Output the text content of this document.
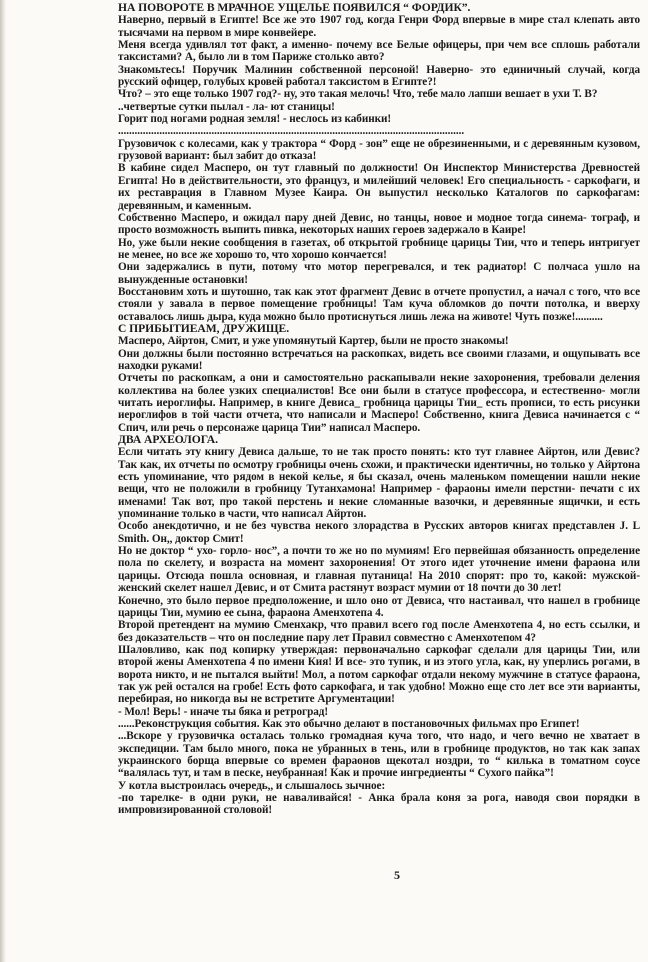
НА ПОВОРОТЕ В МРАЧНОЕ УЩЕЛЬЕ ПОЯВИЛСЯ “ ФОРДИК”.

Наверно, первый в Египте! Все же это 1907 год, когда Генри Форд впервые в мире стал клепать авто тысячами на первом в мире конвейере.

Меня всегда удивлял тот факт, а именно- почему все Белые офицеры, при чем все сплошь работали таксистами? А, было ли в том Париже столько авто?

Знакомьтесь! Поручик Малинин собственной персоной! Наверно- это единичный случай, когда русский офицер, голубых кровей работал таксистом в Египте?!

Что? – это еще только 1907 год?- ну, это такая мелочь! Что, тебе мало лапши вешает в ухи Т. В?

..четвертые сутки пылал - ла- ют станицы!

Горит под ногами родная земля! - неслось из кабинки!

..............................................................................................................................

Грузовичок с колесами, как у трактора “ Форд - зон” еще не обрезиненными, и с деревянным кузовом, грузовой вариант: был забит до отказа!

В кабине сидел Масперо, он тут главный по должности! Он Инспектор Министерства Древностей Египта! Но в действительности, это француз, и милейший человек! Его специальность - саркофаги, и их реставрация в Главном Музее Каира. Он выпустил несколько Каталогов по саркофагам: деревянным, и каменным.

Собственно Масперо, и ожидал пару дней Девис, но танцы, новое и модное тогда синема- тограф, и просто возможность выпить пивка, некоторых наших героев задержало в Каире!

Но, уже были некие сообщения в газетах, об открытой гробнице царицы Тии, что и теперь интригует не менее, но все же хорошо то, что хорошо кончается!

Они задержались в пути, потому что мотор перегревался, и тек радиатор! С полчаса ушло на вынужденные остановки!

Восстановим хоть и шутошно, так как этот фрагмент Девис в отчете пропустил, а начал с того, что все стояли у завала в первое помещение гробницы! Там куча обломков до почти потолка, и вверху оставалось лишь дыра, куда можно было протиснуться лишь лежа на животе! Чуть позже!..........

С ПРИБЫТИЕАМ, ДРУЖИЩЕ.

Масперо, Айртон, Смит, и уже упомянутый Картер, были не просто знакомы!

Они должны были постоянно встречаться на раскопках, видеть все своими глазами, и ощупывать все находки руками!

Отчеты по раскопкам, а они и самостоятельно раскапывали некие захоронения, требовали деления коллектива на более узких специалистов! Все они были в статусе профессора, и естественно- могли читать иероглифы. Например, в книге Девиса_ гробница царицы Тии_ есть прописи, то есть рисунки иероглифов в той части отчета, что написали и Масперо! Собственно, книга Девиса начинается с “ Спич, или речь о персонаже царица Тии” написал Масперо.

ДВА АРХЕОЛОГА.

Если читать эту книгу Девиса дальше, то не так просто понять: кто тут главнее Айртон, или Девис? Так как, их отчеты по осмотру гробницы очень схожи, и практически идентичны, но только у Айртона есть упоминание, что рядом в некой келье, я бы сказал, очень маленьком помещении нашли некие вещи, что не положили в гробницу Тутанхамона! Например - фараоны имели перстни- печати с их именами! Так вот, про такой перстень и некие сломанные вазочки, и деревянные ящички, и есть упоминание только в части, что написал Айртон.

Особо анекдотично, и не без чувства некого злорадства в Русских авторов книгах представлен J. L Smith. Он,, доктор Смит!

Но не доктор “ ухо- горло- нос”, а почти то же но по мумиям! Его первейшая обязанность определение пола по скелету, и возраста на момент захоронения! От этого идет уточнение имени фараона или царицы. Отсюда пошла основная, и главная путаница! На 2010 спорят: про то, какой: мужской- женский скелет нашел Девис, и от Смита растянут возраст мумии от 18 почти до 30 лет!

Конечно, это было первое предположение, и шло оно от Девиса, что настаивал, что нашел в гробнице царицы Тии, мумию ее сына, фараона Аменхотепа 4.

Второй претендент на мумию Сменхакр, что правил всего год после Аменхотепа 4, но есть ссылки, и без доказательств – что он последние пару лет Правил совместно с Аменхотепом 4?

Шаловливо, как под копирку утверждая: первоначально саркофаг сделали для царицы Тии, или второй жены Аменхотепа 4 по имени Кия! И все- это тупик, и из этого угла, как, ну уперлись рогами, в ворота никто, и не пытался выйти! Мол, а потом саркофаг отдали некому мужчине в статусе фараона, так уж рей остался на гробе! Есть фото саркофага, и так удобно! Можно еще сто лет все эти варианты, перебирая, но никогда вы не встретите Аргументации!

- Мол! Верь! - иначе ты бяка и ретроград!

......Реконструкция события. Как это обычно делают в постановочных фильмах про Египет!

...Вскоре у грузовичка осталась только громадная куча того, что надо, и чего вечно не хватает в экспедиции. Там было много, пока не убранных в тень, или в гробнице продуктов, но так как запах украинского борща впервые со времен фараонов щекотал ноздри, то “ килька в томатном соусе “валялась тут, и там в песке, неубранная! Как и прочие ингредиенты “ Сухого пайка”!

У котла выстроилась очередь,, и слышалось зычное:

-по тарелке- в одни руки, не наваливайся! - Анка брала коня за рога, наводя свои порядки в импровизированной столовой!

5
